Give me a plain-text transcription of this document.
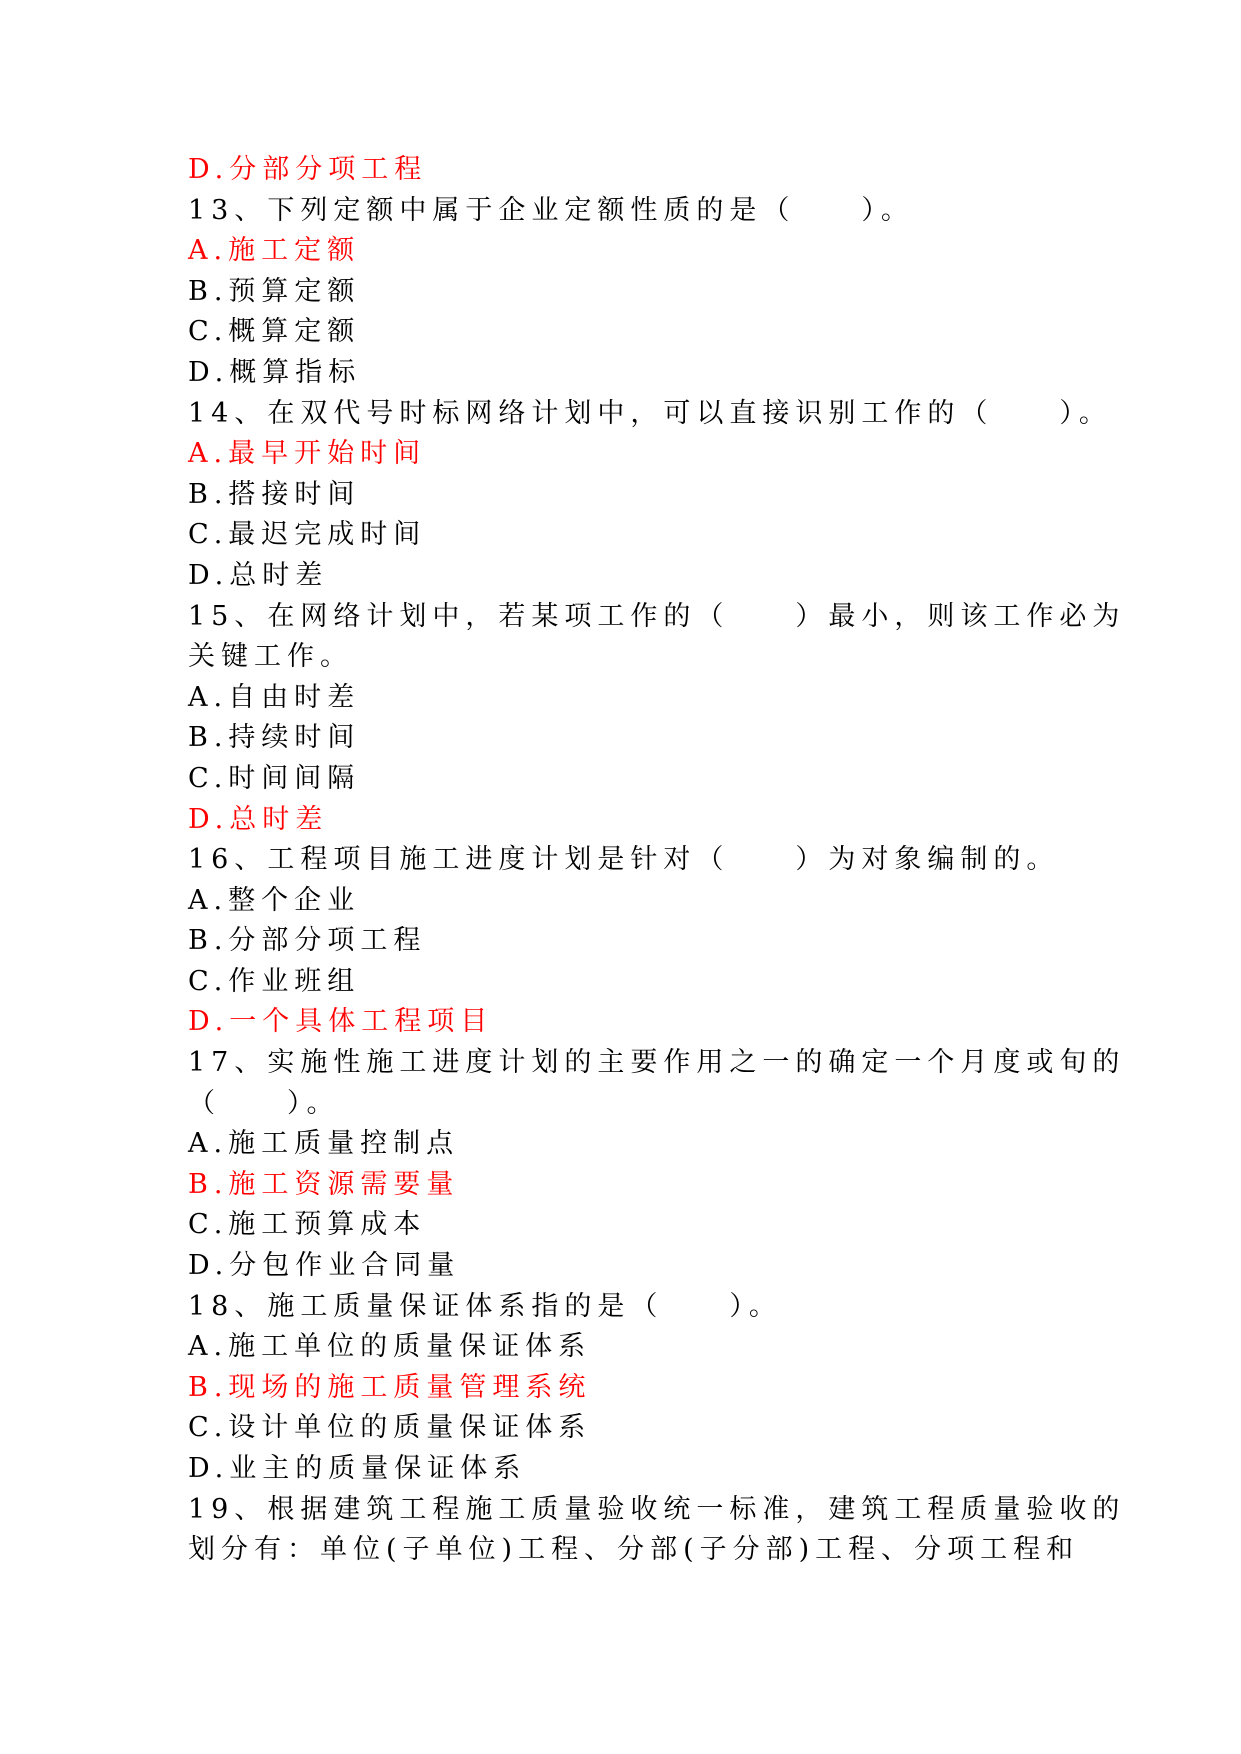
D.分部分项工程
13、下列定额中属于企业定额性质的是（　　）。
A.施工定额
B.预算定额
C.概算定额
D.概算指标
14、在双代号时标网络计划中，可以直接识别工作的（　　）。
A.最早开始时间
B.搭接时间
C.最迟完成时间
D.总时差
15、在网络计划中，若某项工作的（　　）最小，则该工作必为
关键工作。
A.自由时差
B.持续时间
C.时间间隔
D.总时差
16、工程项目施工进度计划是针对（　　）为对象编制的。
A.整个企业
B.分部分项工程
C.作业班组
D.一个具体工程项目
17、实施性施工进度计划的主要作用之一的确定一个月度或旬的
（　　）。
A.施工质量控制点
B.施工资源需要量
C.施工预算成本
D.分包作业合同量
18、施工质量保证体系指的是（　　）。
A.施工单位的质量保证体系
B.现场的施工质量管理系统
C.设计单位的质量保证体系
D.业主的质量保证体系
19、根据建筑工程施工质量验收统一标准，建筑工程质量验收的
划分有：单位(子单位)工程、分部(子分部)工程、分项工程和
